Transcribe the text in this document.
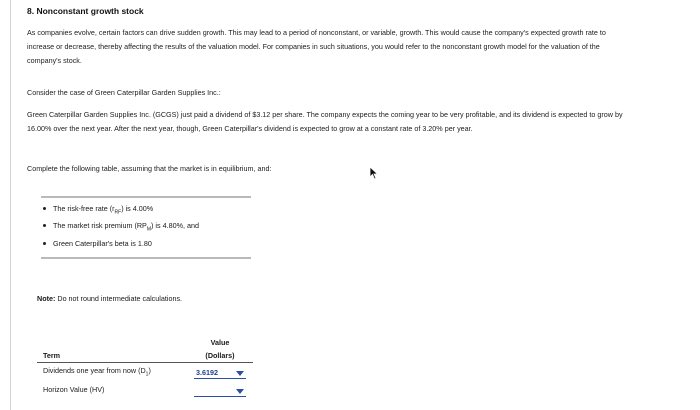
8. Nonconstant growth stock

As companies evolve, certain factors can drive sudden growth. This may lead to a period of nonconstant, or variable, growth. This would cause the company's expected growth rate to increase or decrease, thereby affecting the results of the valuation model. For companies in such situations, you would refer to the nonconstant growth model for the valuation of the company's stock.

Consider the case of Green Caterpillar Garden Supplies Inc.:

Green Caterpillar Garden Supplies Inc. (GCGS) just paid a dividend of $3.12 per share. The company expects the coming year to be very profitable, and its dividend is expected to grow by 16.00% over the next year. After the next year, though, Green Caterpillar's dividend is expected to grow at a constant rate of 3.20% per year.

Complete the following table, assuming that the market is in equilibrium, and:

The risk-free rate $(r_{RF})$ is 4.00%
The market risk premium $(RP_M)$ is 4.80%, and
Green Caterpillar's beta is 1.80

Note: Do not round intermediate calculations.

	Value
Term	(Dollars)
Dividends one year from now $(D_1)$	3.6192

Horizon Value (HV)	
